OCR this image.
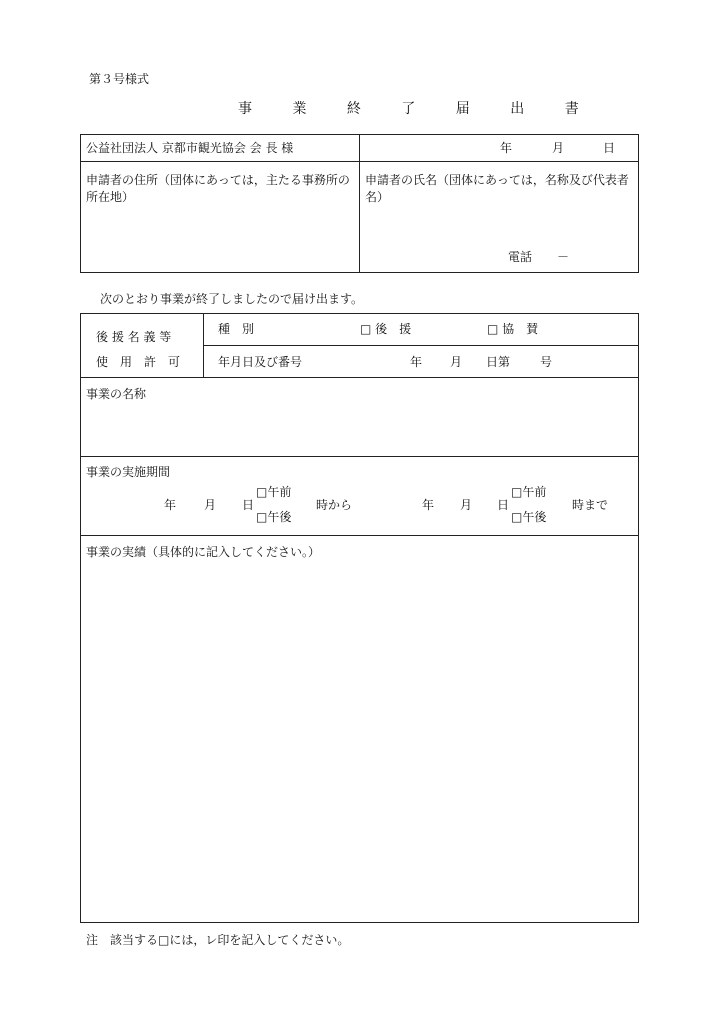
第３号様式
事 業 終 了 届 出 書
公益社団法人 京都市観光協会 会 長 様	年	月	日
申請者の住所（団体にあっては，主たる事務所の所在地）
申請者の氏名（団体にあっては，名称及び代表者名）
電話 －
次のとおり事業が終了しましたので届け出ます。
後 援 名 義 等
使　用　許　可
種　別	□ 後　援	□ 協　賛
年月日及び番号	年 月 日第 号
事業の名称
事業の実施期間
年 月 日
□午前
□午後
時から	年 月 日
□午前
□午後
時まで
事業の実績（具体的に記入してください。）
注　該当する□には，レ印を記入してください。
